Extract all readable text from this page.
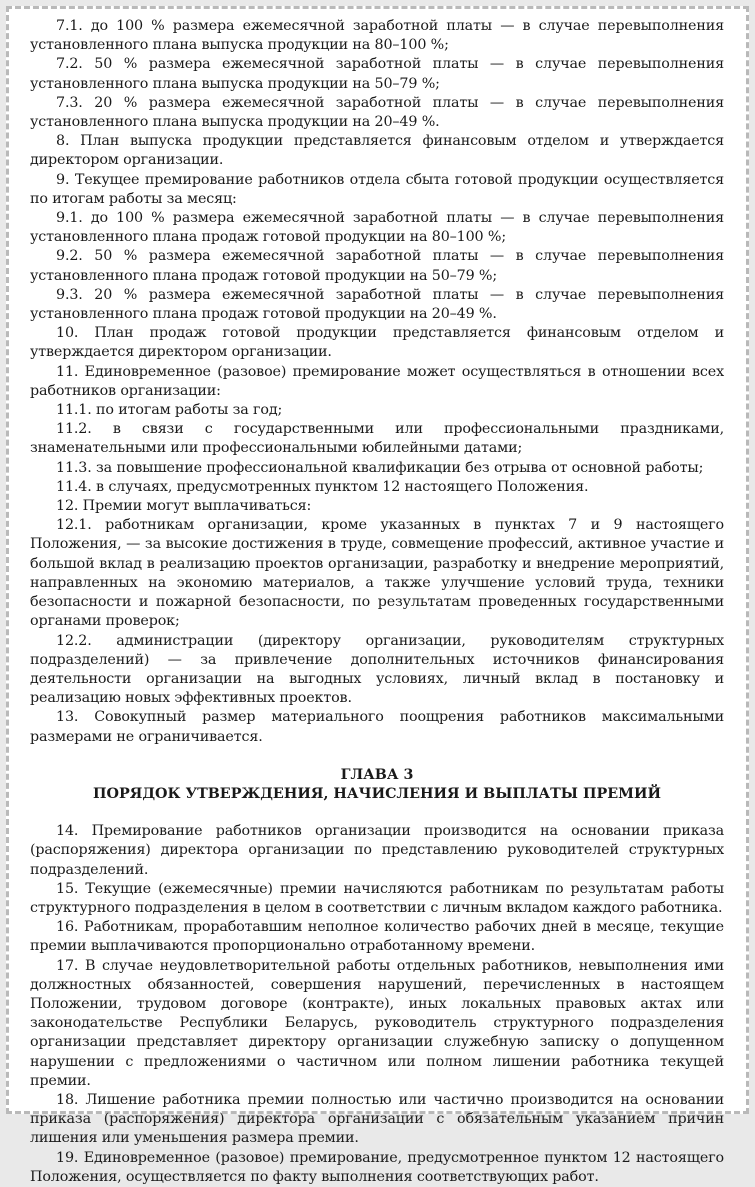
7.1. до 100 % размера ежемесячной заработной платы — в случае перевыполнения установленного плана выпуска продукции на 80–100 %;

7.2. 50 % размера ежемесячной заработной платы — в случае перевыполнения установленного плана выпуска продукции на 50–79 %;

7.3. 20 % размера ежемесячной заработной платы — в случае перевыполнения установленного плана выпуска продукции на 20–49 %.

8. План выпуска продукции представляется финансовым отделом и утверждается директором организации.

9. Текущее премирование работников отдела сбыта готовой продукции осуществляется по итогам работы за месяц:

9.1. до 100 % размера ежемесячной заработной платы — в случае перевыполнения установленного плана продаж готовой продукции на 80–100 %;

9.2. 50 % размера ежемесячной заработной платы — в случае перевыполнения установленного плана продаж готовой продукции на 50–79 %;

9.3. 20 % размера ежемесячной заработной платы — в случае перевыполнения установленного плана продаж готовой продукции на 20–49 %.

10. План продаж готовой продукции представляется финансовым отделом и утверждается директором организации.

11. Единовременное (разовое) премирование может осуществляться в отношении всех работников организации:

11.1. по итогам работы за год;

11.2. в связи с государственными или профессиональными праздниками, знаменательными или профессиональными юбилейными датами;

11.3. за повышение профессиональной квалификации без отрыва от основной работы;

11.4. в случаях, предусмотренных пунктом 12 настоящего Положения.

12. Премии могут выплачиваться:

12.1. работникам организации, кроме указанных в пунктах 7 и 9 настоящего Положения, — за высокие достижения в труде, совмещение профессий, активное участие и большой вклад в реализацию проектов организации, разработку и внедрение мероприятий, направленных на экономию материалов, а также улучшение условий труда, техники безопасности и пожарной безопасности, по результатам проведенных государственными органами проверок;

12.2. администрации (директору организации, руководителям структурных подразделений) — за привлечение дополнительных источников финансирования деятельности организации на выгодных условиях, личный вклад в постановку и реализацию новых эффективных проектов.

13. Совокупный размер материального поощрения работников максимальными размерами не ограничивается.

ГЛАВА 3
ПОРЯДОК УТВЕРЖДЕНИЯ, НАЧИСЛЕНИЯ И ВЫПЛАТЫ ПРЕМИЙ

14. Премирование работников организации производится на основании приказа (распоряжения) директора организации по представлению руководителей структурных подразделений.

15. Текущие (ежемесячные) премии начисляются работникам по результатам работы структурного подразделения в целом в соответствии с личным вкладом каждого работника.

16. Работникам, проработавшим неполное количество рабочих дней в месяце, текущие премии выплачиваются пропорционально отработанному времени.

17. В случае неудовлетворительной работы отдельных работников, невыполнения ими должностных обязанностей, совершения нарушений, перечисленных в настоящем Положении, трудовом договоре (контракте), иных локальных правовых актах или законодательстве Республики Беларусь, руководитель структурного подразделения организации представляет директору организации служебную записку о допущенном нарушении с предложениями о частичном или полном лишении работника текущей премии.

18. Лишение работника премии полностью или частично производится на основании приказа (распоряжения) директора организации с обязательным указанием причин лишения или уменьшения размера премии.

19. Единовременное (разовое) премирование, предусмотренное пунктом 12 настоящего Положения, осуществляется по факту выполнения соответствующих работ.
